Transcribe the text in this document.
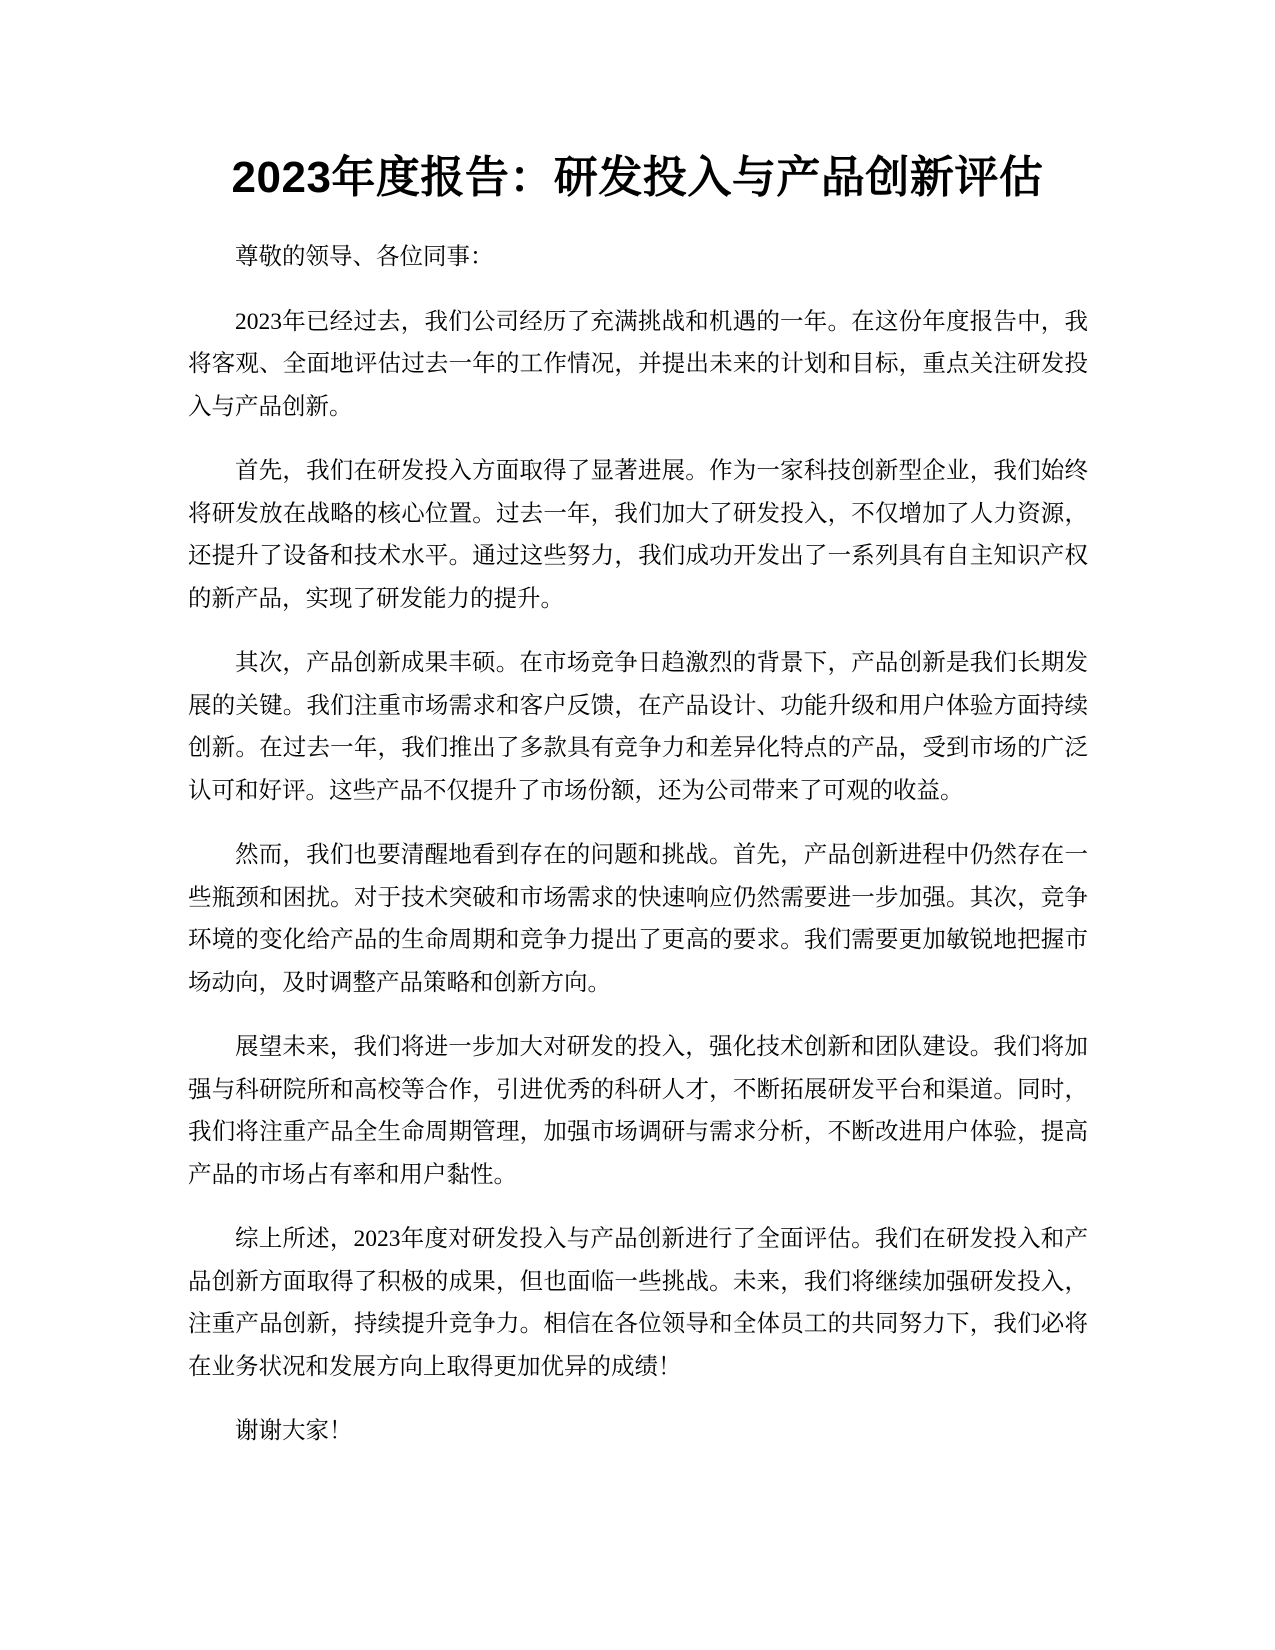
2023年度报告：研发投入与产品创新评估

尊敬的领导、各位同事：

2023年已经过去，我们公司经历了充满挑战和机遇的一年。在这份年度报告中，我将客观、全面地评估过去一年的工作情况，并提出未来的计划和目标，重点关注研发投入与产品创新。

首先，我们在研发投入方面取得了显著进展。作为一家科技创新型企业，我们始终将研发放在战略的核心位置。过去一年，我们加大了研发投入，不仅增加了人力资源，还提升了设备和技术水平。通过这些努力，我们成功开发出了一系列具有自主知识产权的新产品，实现了研发能力的提升。

其次，产品创新成果丰硕。在市场竞争日趋激烈的背景下，产品创新是我们长期发展的关键。我们注重市场需求和客户反馈，在产品设计、功能升级和用户体验方面持续创新。在过去一年，我们推出了多款具有竞争力和差异化特点的产品，受到市场的广泛认可和好评。这些产品不仅提升了市场份额，还为公司带来了可观的收益。

然而，我们也要清醒地看到存在的问题和挑战。首先，产品创新进程中仍然存在一些瓶颈和困扰。对于技术突破和市场需求的快速响应仍然需要进一步加强。其次，竞争环境的变化给产品的生命周期和竞争力提出了更高的要求。我们需要更加敏锐地把握市场动向，及时调整产品策略和创新方向。

展望未来，我们将进一步加大对研发的投入，强化技术创新和团队建设。我们将加强与科研院所和高校等合作，引进优秀的科研人才，不断拓展研发平台和渠道。同时，我们将注重产品全生命周期管理，加强市场调研与需求分析，不断改进用户体验，提高产品的市场占有率和用户黏性。

综上所述，2023年度对研发投入与产品创新进行了全面评估。我们在研发投入和产品创新方面取得了积极的成果，但也面临一些挑战。未来，我们将继续加强研发投入，注重产品创新，持续提升竞争力。相信在各位领导和全体员工的共同努力下，我们必将在业务状况和发展方向上取得更加优异的成绩！

谢谢大家！
